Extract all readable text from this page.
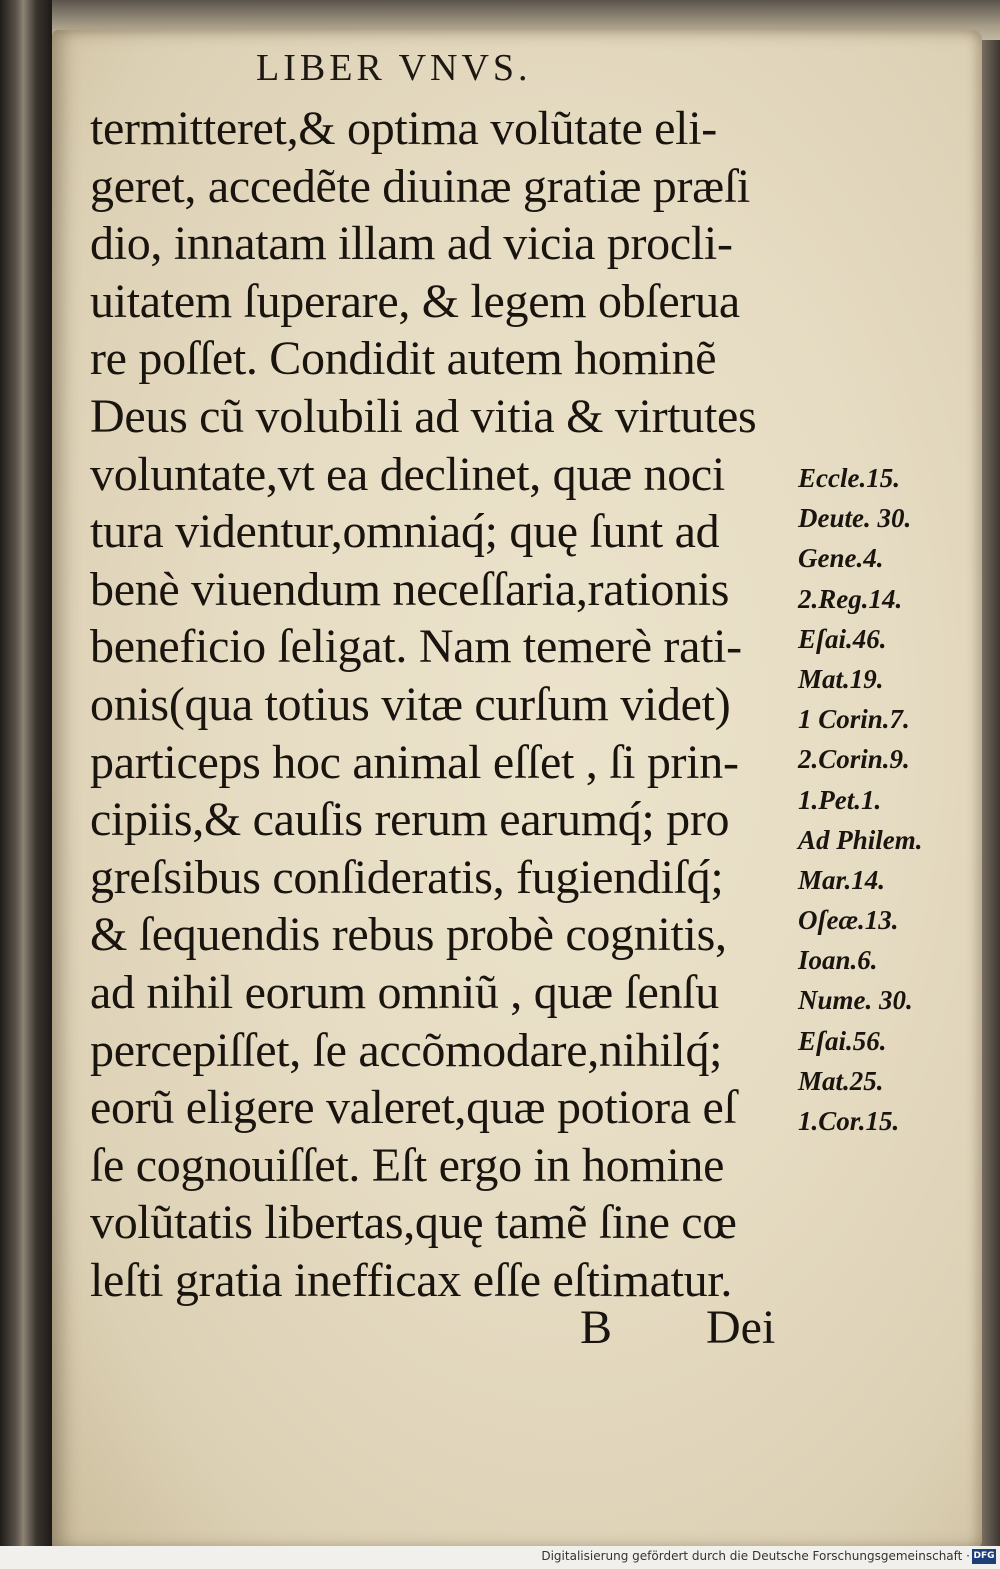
LIBER VNVS.
termitteret,& optima volũtate eli-
geret, accedẽte diuinæ gratiæ præſi
dio, innatam illam ad vicia procli-
uitatem ſuperare, & legem obſerua
re poſſet. Condidit autem hominẽ
Deus cũ volubili ad vitia & virtutes
voluntate,vt ea declinet, quæ noci
tura videntur,omniaq́; quę ſunt ad
benè viuendum neceſſaria,rationis
beneficio ſeligat. Nam temerè rati-
onis(qua totius vitæ curſum videt)
particeps hoc animal eſſet , ſi prin-
cipiis,& cauſis rerum earumq́; pro
greſsibus conſideratis, fugiendiſq́;
& ſequendis rebus probè cognitis,
ad nihil eorum omniũ , quæ ſenſu
percepiſſet, ſe accõmodare,nihilq́;
eorũ eligere valeret,quæ potiora eſ
ſe cognouiſſet. Eſt ergo in homine
volũtatis libertas,quę tamẽ ſine cœ
leſti gratia inefficax eſſe eſtimatur.
Eccle.15.
Deute. 30.
Gene.4.
2.Reg.14.
Eſai.46.
Mat.19.
1 Corin.7.
2.Corin.9.
1.Pet.1.
Ad Philem.
Mar.14.
Oſeæ.13.
Ioan.6.
Nume. 30.
Eſai.56.
Mat.25.
1.Cor.15.
B Dei
Digitalisierung gefördert durch die Deutsche Forschungsgemeinschaft · DFG
